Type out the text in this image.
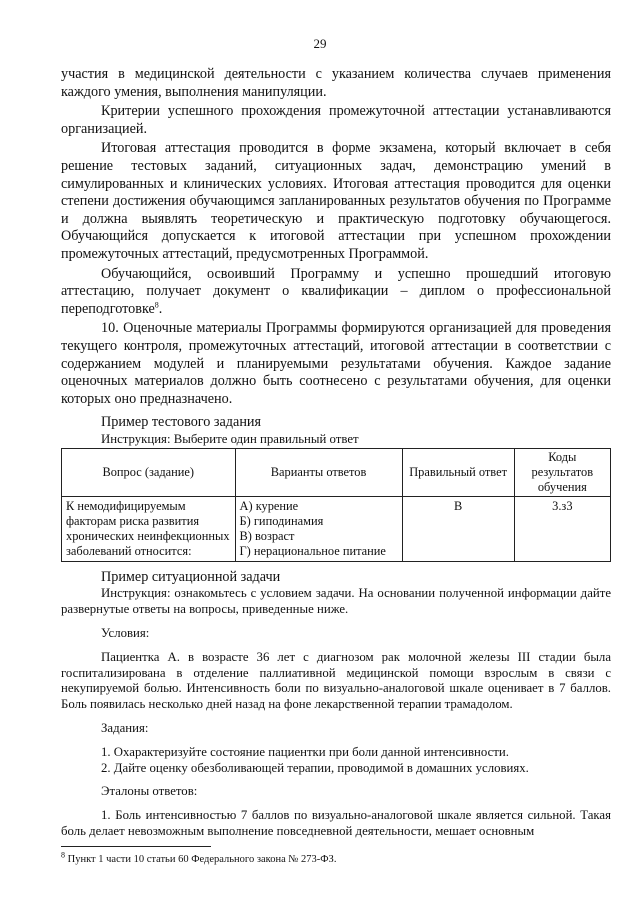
29

участия в медицинской деятельности с указанием количества случаев применения каждого умения, выполнения манипуляции.

Критерии успешного прохождения промежуточной аттестации устанавливаются организацией.

Итоговая аттестация проводится в форме экзамена, который включает в себя решение тестовых заданий, ситуационных задач, демонстрацию умений в симулированных и клинических условиях. Итоговая аттестация проводится для оценки степени достижения обучающимся запланированных результатов обучения по Программе и должна выявлять теоретическую и практическую подготовку обучающегося. Обучающийся допускается к итоговой аттестации при успешном прохождении промежуточных аттестаций, предусмотренных Программой.

Обучающийся, освоивший Программу и успешно прошедший итоговую аттестацию, получает документ о квалификации – диплом о профессиональной переподготовке$^8$.

10. Оценочные материалы Программы формируются организацией для проведения текущего контроля, промежуточных аттестаций, итоговой аттестации в соответствии с содержанием модулей и планируемыми результатами обучения. Каждое задание оценочных материалов должно быть соотнесено с результатами обучения, для оценки которых оно предназначено.

Пример тестового задания
Инструкция: Выберите один правильный ответ
Вопрос (задание)	Варианты ответов	Правильный ответ	Коды результатов обучения
К немодифицируемым факторам риска развития хронических неинфекционных заболеваний относится:	А) курение
Б) гиподинамия
В) возраст
Г) нерациональное питание	В	3.з3
Пример ситуационной задачи

Инструкция: ознакомьтесь с условием задачи. На основании полученной информации дайте развернутые ответы на вопросы, приведенные ниже.

Условия:

Пациентка А. в возрасте 36 лет с диагнозом рак молочной железы III стадии была госпитализирована в отделение паллиативной медицинской помощи взрослым в связи с некупируемой болью. Интенсивность боли по визуально-аналоговой шкале оценивает в 7 баллов. Боль появилась несколько дней назад на фоне лекарственной терапии трамадолом.

Задания:
1. Охарактеризуйте состояние пациентки при боли данной интенсивности.
2. Дайте оценку обезболивающей терапии, проводимой в домашних условиях.
Эталоны ответов:

1. Боль интенсивностью 7 баллов по визуально-аналоговой шкале является сильной. Такая боль делает невозможным выполнение повседневной деятельности, мешает основным

$^8$ Пункт 1 части 10 статьи 60 Федерального закона № 273-ФЗ.
